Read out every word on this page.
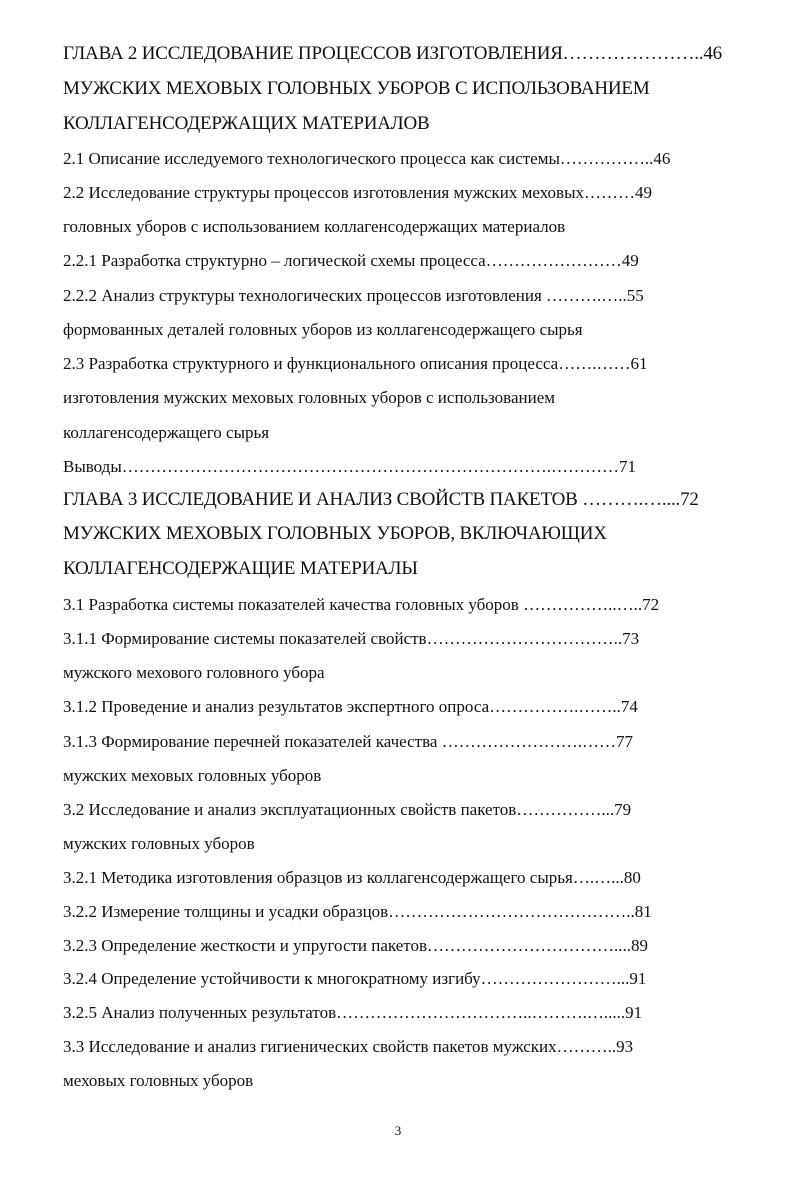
ГЛАВА 2 ИССЛЕДОВАНИЕ ПРОЦЕССОВ ИЗГОТОВЛЕНИЯ…………………..46
МУЖСКИХ МЕХОВЫХ ГОЛОВНЫХ УБОРОВ С ИСПОЛЬЗОВАНИЕМ
КОЛЛАГЕНСОДЕРЖАЩИХ МАТЕРИАЛОВ
2.1 Описание исследуемого технологического процесса как системы……………..46
2.2 Исследование структуры процессов изготовления мужских меховых………49
головных уборов с использованием коллагенсодержащих материалов
2.2.1 Разработка структурно – логической схемы процесса……………………49
2.2.2 Анализ структуры технологических процессов изготовления ……….…..55
формованных деталей головных уборов из коллагенсодержащего сырья
2.3 Разработка структурного и функционального описания процесса…….……61
изготовления мужских меховых головных уборов с использованием
коллагенсодержащего сырья
Выводы………………………………………………………………….…………71
ГЛАВА 3 ИССЛЕДОВАНИЕ И АНАЛИЗ СВОЙСТВ ПАКЕТОВ ……….…....72
МУЖСКИХ МЕХОВЫХ ГОЛОВНЫХ УБОРОВ, ВКЛЮЧАЮЩИХ
КОЛЛАГЕНСОДЕРЖАЩИЕ МАТЕРИАЛЫ
3.1 Разработка системы показателей качества головных уборов ……………..…..72
3.1.1 Формирование системы показателей свойств……………………………..73
мужского мехового головного убора
3.1.2 Проведение и анализ результатов экспертного опроса…………….……..74
3.1.3 Формирование перечней показателей качества …………………….……77
мужских меховых головных уборов
3.2 Исследование и анализ эксплуатационных свойств пакетов……………...79
мужских головных уборов
3.2.1 Методика изготовления образцов из коллагенсодержащего сырья….…...80
3.2.2 Измерение толщины и усадки образцов……………………………………..81
3.2.3 Определение жесткости и упругости пакетов……………………………....89
3.2.4 Определение устойчивости к многократному изгибу……………………...91
3.2.5 Анализ полученных результатов……………………………..……….….....91
3.3 Исследование и анализ гигиенических свойств пакетов мужских………..93
меховых головных уборов
3
